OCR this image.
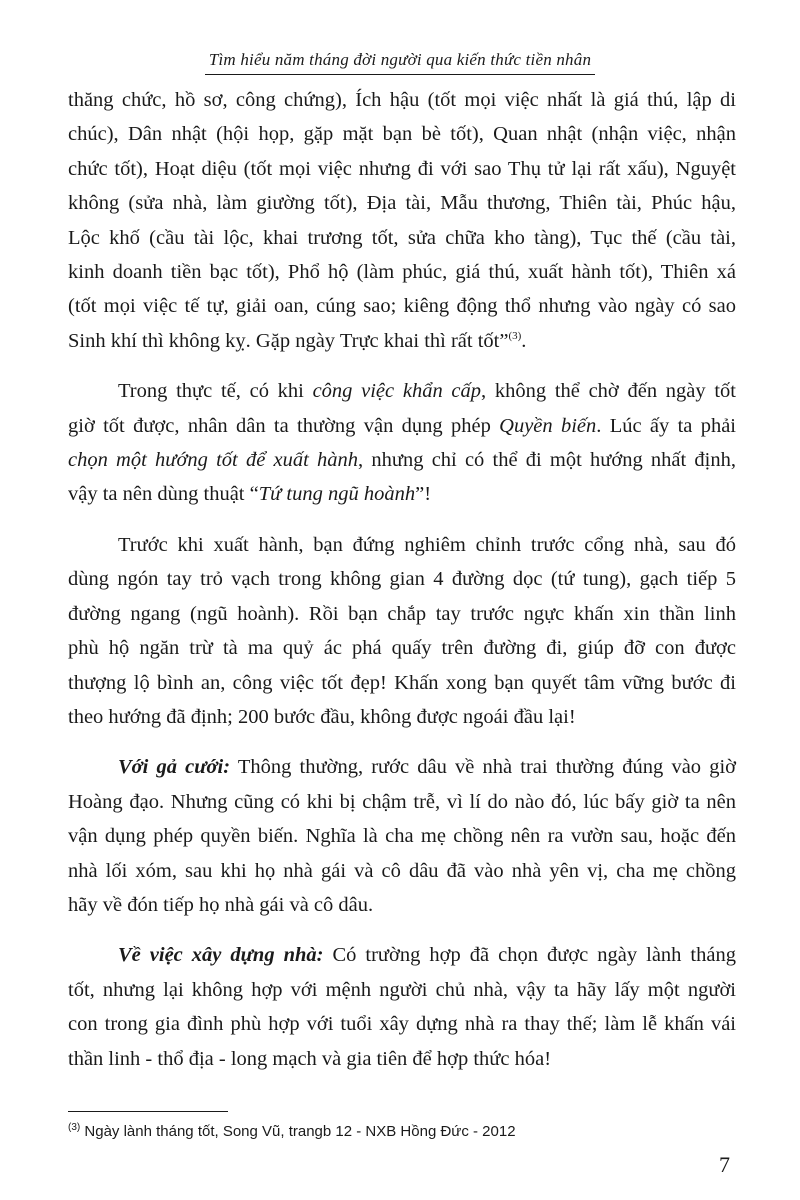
Tìm hiểu năm tháng đời người qua kiến thức tiền nhân
thăng chức, hồ sơ, công chứng), Ích hậu (tốt mọi việc nhất là giá thú, lập di
chúc), Dân nhật (hội họp, gặp mặt bạn bè tốt), Quan nhật (nhận việc, nhận
chức tốt), Hoạt diệu (tốt mọi việc nhưng đi với sao Thụ tử lại rất xấu), Nguyệt
không (sửa nhà, làm giường tốt), Địa tài, Mẫu thương, Thiên tài, Phúc hậu,
Lộc khố (cầu tài lộc, khai trương tốt, sửa chữa kho tàng), Tục thế (cầu tài,
kinh doanh tiền bạc tốt), Phổ hộ (làm phúc, giá thú, xuất hành tốt), Thiên xá
(tốt mọi việc tế tự, giải oan, cúng sao; kiêng động thổ nhưng vào ngày có sao
Sinh khí thì không kỵ. Gặp ngày Trực khai thì rất tốt”$^{(3)}$.
Trong thực tế, có khi công việc khẩn cấp, không thể chờ đến ngày tốt
giờ tốt được, nhân dân ta thường vận dụng phép Quyền biến. Lúc ấy ta phải
chọn một hướng tốt để xuất hành, nhưng chỉ có thể đi một hướng nhất định,
vậy ta nên dùng thuật “Tứ tung ngũ hoành”!
Trước khi xuất hành, bạn đứng nghiêm chỉnh trước cổng nhà, sau đó
dùng ngón tay trỏ vạch trong không gian 4 đường dọc (tứ tung), gạch tiếp 5
đường ngang (ngũ hoành). Rồi bạn chắp tay trước ngực khấn xin thần linh
phù hộ ngăn trừ tà ma quỷ ác phá quấy trên đường đi, giúp đỡ con được
thượng lộ bình an, công việc tốt đẹp! Khấn xong bạn quyết tâm vững bước đi
theo hướng đã định; 200 bước đầu, không được ngoái đầu lại!
Với gả cưới: Thông thường, rước dâu về nhà trai thường đúng vào giờ
Hoàng đạo. Nhưng cũng có khi bị chậm trễ, vì lí do nào đó, lúc bấy giờ ta nên
vận dụng phép quyền biến. Nghĩa là cha mẹ chồng nên ra vườn sau, hoặc đến
nhà lối xóm, sau khi họ nhà gái và cô dâu đã vào nhà yên vị, cha mẹ chồng
hãy về đón tiếp họ nhà gái và cô dâu.
Về việc xây dựng nhà: Có trường hợp đã chọn được ngày lành tháng
tốt, nhưng lại không hợp với mệnh người chủ nhà, vậy ta hãy lấy một người
con trong gia đình phù hợp với tuổi xây dựng nhà ra thay thế; làm lễ khấn vái
thần linh - thổ địa - long mạch và gia tiên để hợp thức hóa!
$^{(3)}$ Ngày lành tháng tốt, Song Vũ, trangb 12 - NXB Hồng Đức - 2012
7
